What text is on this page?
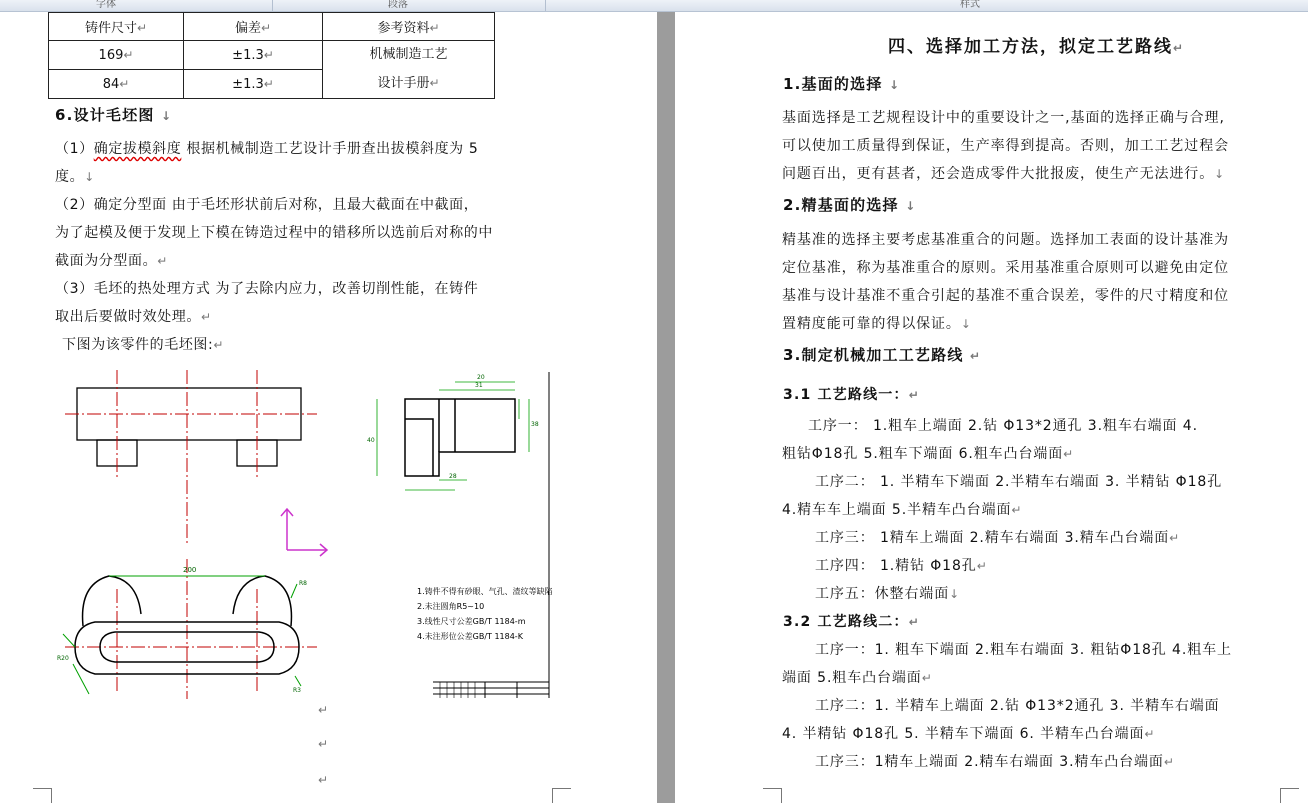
字体	段落	样式
铸件尺寸↵	偏差↵	参考资料↵
169↵	±1.3↵	机械制造工艺
设计手册↵

84↵	±1.3↵	
6.设计毛坯图 ↓
（1）确定拔模斜度 根据机械制造工艺设计手册查出拔模斜度为 5
度。↓
（2）确定分型面 由于毛坯形状前后对称，且最大截面在中截面，
为了起模及便于发现上下模在铸造过程中的错移所以选前后对称的中
截面为分型面。↵
（3）毛坯的热处理方式 为了去除内应力，改善切削性能，在铸件
取出后要做时效处理。↵
下图为该零件的毛坯图:↵
200
R8
R20
R3
20
31
40
28
38
1.铸件不得有砂眼、气孔、渣纹等缺陷
2.未注圆角R5~10
3.线性尺寸公差GB/T 1184-m
4.未注形位公差GB/T 1184-K
↵
↵
↵
四、选择加工方法，拟定工艺路线↵
1.基面的选择 ↓
基面选择是工艺规程设计中的重要设计之一,基面的选择正确与合理,
可以使加工质量得到保证，生产率得到提高。否则，加工工艺过程会
问题百出，更有甚者，还会造成零件大批报废，使生产无法进行。↓
2.精基面的选择 ↓
精基准的选择主要考虑基准重合的问题。选择加工表面的设计基准为
定位基准，称为基准重合的原则。采用基准重合原则可以避免由定位
基准与设计基准不重合引起的基准不重合误差，零件的尺寸精度和位
置精度能可靠的得以保证。↓
3.制定机械加工工艺路线 ↵
3.1 工艺路线一：↵
工序一： 1.粗车上端面 2.钻 Φ13*2通孔 3.粗车右端面 4.
粗钻Φ18孔 5.粗车下端面 6.粗车凸台端面↵
工序二： 1. 半精车下端面 2.半精车右端面 3. 半精钻 Φ18孔
4.精车车上端面 5.半精车凸台端面↵
工序三： 1精车上端面 2.精车右端面 3.精车凸台端面↵
工序四： 1.精钻 Φ18孔↵
工序五：休整右端面↓
3.2 工艺路线二：↵
工序一：1. 粗车下端面 2.粗车右端面 3. 粗钻Φ18孔 4.粗车上
端面 5.粗车凸台端面↵
工序二：1. 半精车上端面 2.钻 Φ13*2通孔 3. 半精车右端面
4. 半精钻 Φ18孔 5. 半精车下端面 6. 半精车凸台端面↵
工序三：1精车上端面 2.精车右端面 3.精车凸台端面↵
